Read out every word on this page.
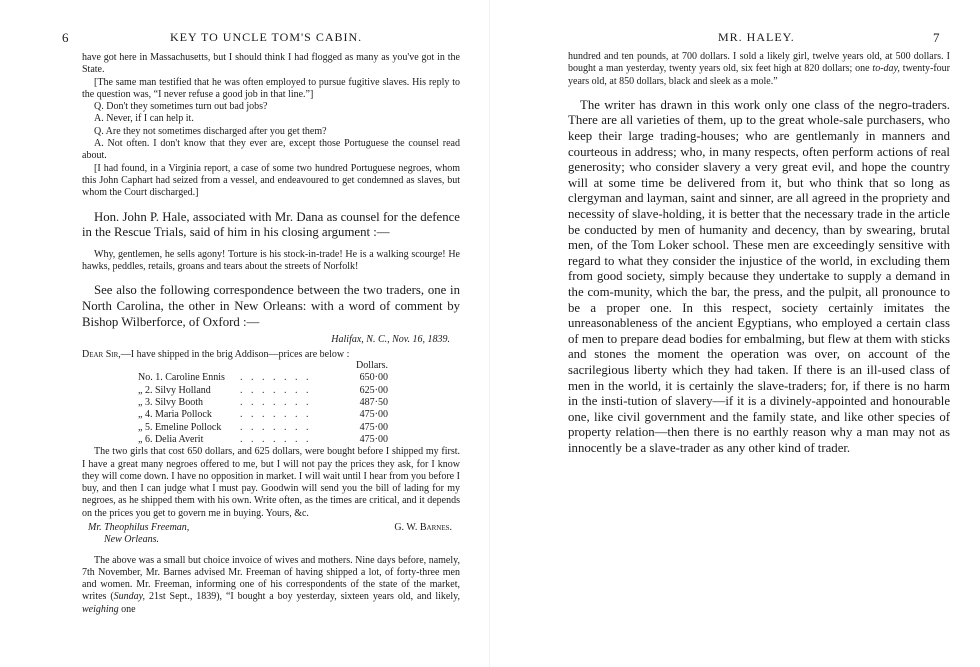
6	KEY TO UNCLE TOM'S CABIN.

have got here in Massachusetts, but I should think I had flogged as many as you've got in the State.

[The same man testified that he was often employed to pursue fugitive slaves. His reply to the question was, “I never refuse a good job in that line.”]

Q. Don't they sometimes turn out bad jobs?

A. Never, if I can help it.

Q. Are they not sometimes discharged after you get them?

A. Not often. I don't know that they ever are, except those Portuguese the counsel read about.

[I had found, in a Virginia report, a case of some two hundred Portuguese negroes, whom this John Caphart had seized from a vessel, and endeavoured to get condemned as slaves, but whom the Court discharged.]

Hon. John P. Hale, associated with Mr. Dana as counsel for the defence in the Rescue Trials, said of him in his closing argument :—

Why, gentlemen, he sells agony! Torture is his stock-in-trade! He is a walking scourge! He hawks, peddles, retails, groans and tears about the streets of Norfolk!

See also the following correspondence between the two traders, one in North Carolina, the other in New Orleans: with a word of comment by Bishop Wilberforce, of Oxford :—

Halifax, N. C., Nov. 16, 1839.
Dear Sir,—I have shipped in the brig Addison—prices are below :
Dollars.
No. 1. Caroline Ennis . . . . . . .	650·00
„ 2. Silvy Holland	. . . . . . .	625·00
„ 3. Silvy Booth	. . . . . . .	487·50
„ 4. Maria Pollock	. . . . . . .	475·00
„ 5. Emeline Pollock . . . . . . .	475·00
„ 6. Delia Averit	. . . . . . .	475·00

The two girls that cost 650 dollars, and 625 dollars, were bought before I shipped my first. I have a great many negroes offered to me, but I will not pay the prices they ask, for I know they will come down. I have no opposition in market. I will wait until I hear from you before I buy, and then I can judge what I must pay. Goodwin will send you the bill of lading for my negroes, as he shipped them with his own. Write often, as the times are critical, and it depends on the prices you get to govern me in buying. Yours, &c.

Mr. Theophilus Freeman,	G. W. Barnes.
New Orleans.

The above was a small but choice invoice of wives and mothers. Nine days before, namely, 7th November, Mr. Barnes advised Mr. Freeman of having shipped a lot, of forty-three men and women. Mr. Freeman, informing one of his correspondents of the state of the market, writes (Sunday, 21st Sept., 1839), “I bought a boy yesterday, sixteen years old, and likely, weighing one

MR. HALEY.	7

hundred and ten pounds, at 700 dollars. I sold a likely girl, twelve years old, at 500 dollars. I bought a man yesterday, twenty years old, six feet high at 820 dollars; one to-day, twenty-four years old, at 850 dollars, black and sleek as a mole.”

The writer has drawn in this work only one class of the negro-traders. There are all varieties of them, up to the great whole-sale purchasers, who keep their large trading-houses; who are gentlemanly in manners and courteous in address; who, in many respects, often perform actions of real generosity; who consider slavery a very great evil, and hope the country will at some time be delivered from it, but who think that so long as clergyman and layman, saint and sinner, are all agreed in the propriety and necessity of slave-holding, it is better that the necessary trade in the article be conducted by men of humanity and decency, than by swearing, brutal men, of the Tom Loker school. These men are exceedingly sensitive with regard to what they consider the injustice of the world, in excluding them from good society, simply because they undertake to supply a demand in the com-munity, which the bar, the press, and the pulpit, all pronounce to be a proper one. In this respect, society certainly imitates the unreasonableness of the ancient Egyptians, who employed a certain class of men to prepare dead bodies for embalming, but flew at them with sticks and stones the moment the operation was over, on account of the sacrilegious liberty which they had taken. If there is an ill-used class of men in the world, it is certainly the slave-traders; for, if there is no harm in the insti-tution of slavery—if it is a divinely-appointed and honourable one, like civil government and the family state, and like other species of property relation—then there is no earthly reason why a man may not as innocently be a slave-trader as any other kind of trader.
